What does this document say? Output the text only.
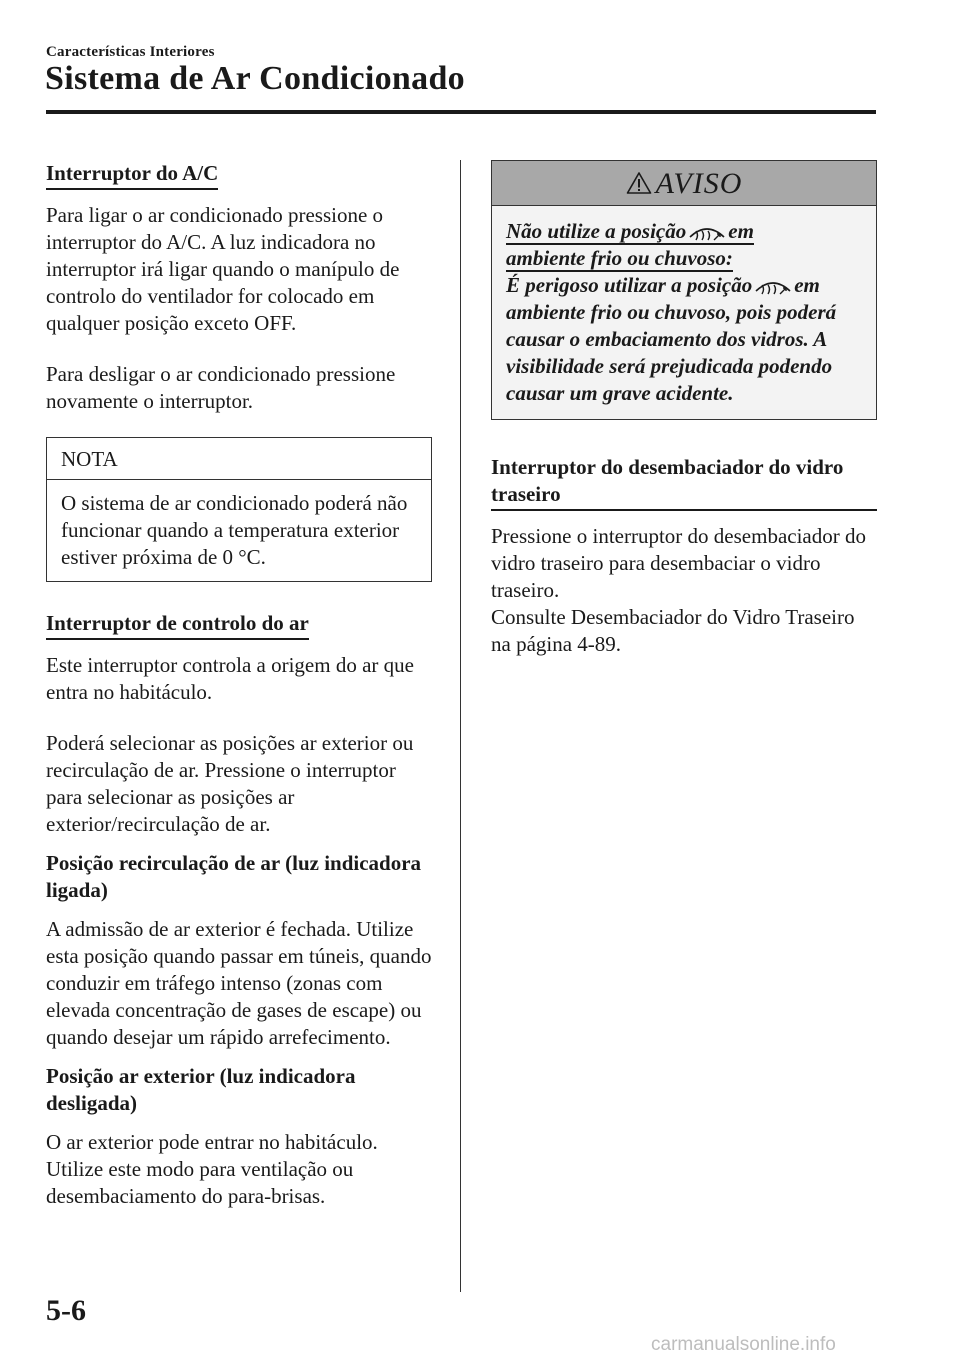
Características Interiores
Sistema de Ar Condicionado
Interruptor do A/C

Para ligar o ar condicionado pressione o interruptor do A/C. A luz indicadora no interruptor irá ligar quando o manípulo de controlo do ventilador for colocado em qualquer posição exceto OFF.

Para desligar o ar condicionado pressione novamente o interruptor.

NOTA
O sistema de ar condicionado poderá não funcionar quando a temperatura exterior estiver próxima de 0 °C.
Interruptor de controlo do ar

Este interruptor controla a origem do ar que entra no habitáculo.

Poderá selecionar as posições ar exterior ou recirculação de ar. Pressione o interruptor para selecionar as posições ar exterior/recirculação de ar.

Posição recirculação de ar (luz indicadora ligada)

A admissão de ar exterior é fechada. Utilize esta posição quando passar em túneis, quando conduzir em tráfego intenso (zonas com elevada concentração de gases de escape) ou quando desejar um rápido arrefecimento.

Posição ar exterior (luz indicadora desligada)

O ar exterior pode entrar no habitáculo. Utilize este modo para ventilação ou desembaciamento do para-brisas.

AVISO
Não utilize a posição em
ambiente frio ou chuvoso:
É perigoso utilizar a posição em ambiente frio ou chuvoso, pois poderá causar o embaciamento dos vidros. A visibilidade será prejudicada podendo causar um grave acidente.
Interruptor do desembaciador do vidro traseiro

Pressione o interruptor do desembaciador do vidro traseiro para desembaciar o vidro traseiro.

Consulte Desembaciador do Vidro Traseiro na página 4-89.

5-6
carmanualsonline.info
